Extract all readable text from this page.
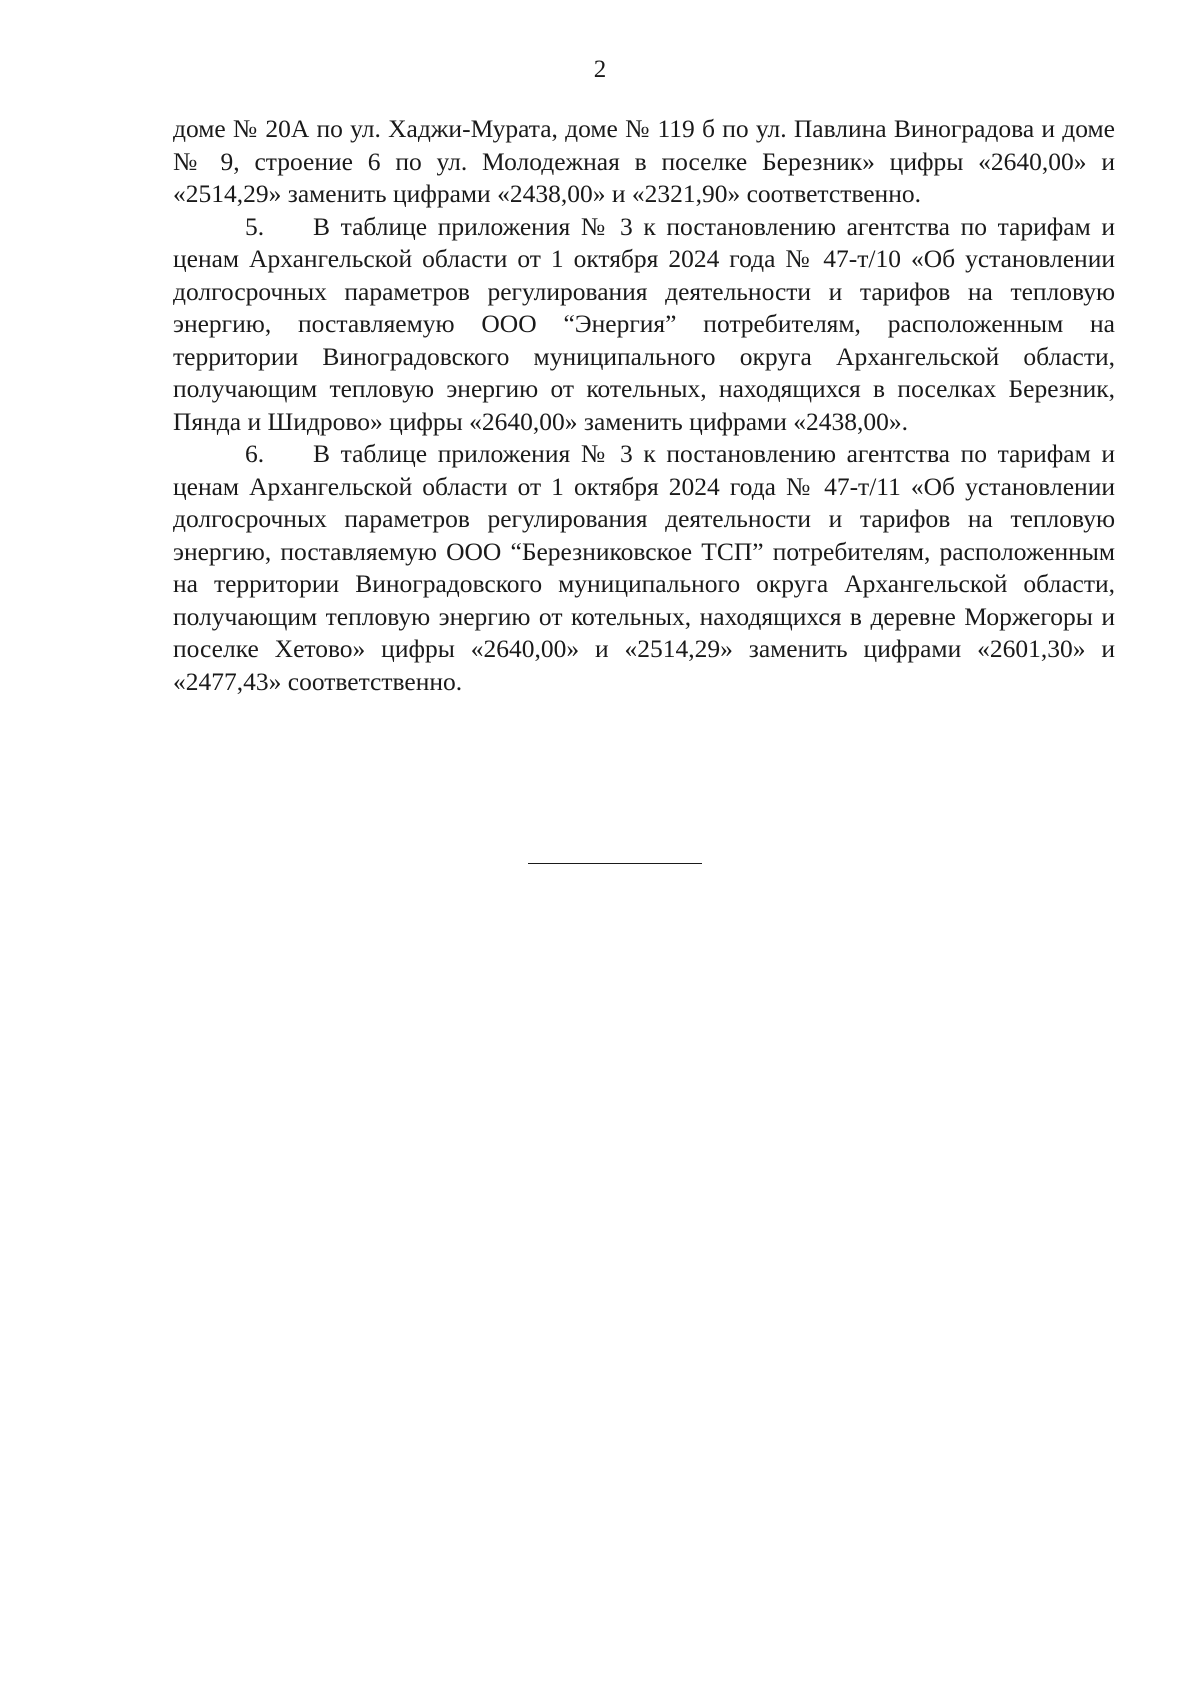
2

доме № 20А по ул. Хаджи-Мурата, доме № 119 б по ул. Павлина Виноградова и доме № 9, строение 6 по ул. Молодежная в поселке Березник» цифры «2640,00» и «2514,29» заменить цифрами «2438,00» и «2321,90» соответственно.

5. В таблице приложения № 3 к постановлению агентства по тарифам и ценам Архангельской области от 1 октября 2024 года № 47-т/10 «Об установлении долгосрочных параметров регулирования деятельности и тарифов на тепловую энергию, поставляемую ООО “Энергия” потребителям, расположенным на территории Виноградовского муниципального округа Архангельской области, получающим тепловую энергию от котельных, находящихся в поселках Березник, Пянда и Шидрово» цифры «2640,00» заменить цифрами «2438,00».

6. В таблице приложения № 3 к постановлению агентства по тарифам и ценам Архангельской области от 1 октября 2024 года № 47-т/11 «Об установлении долгосрочных параметров регулирования деятельности и тарифов на тепловую энергию, поставляемую ООО “Березниковское ТСП” потребителям, расположенным на территории Виноградовского муниципального округа Архангельской области, получающим тепловую энергию от котельных, находящихся в деревне Моржегоры и поселке Хетово» цифры «2640,00» и «2514,29» заменить цифрами «2601,30» и «2477,43» соответственно.
